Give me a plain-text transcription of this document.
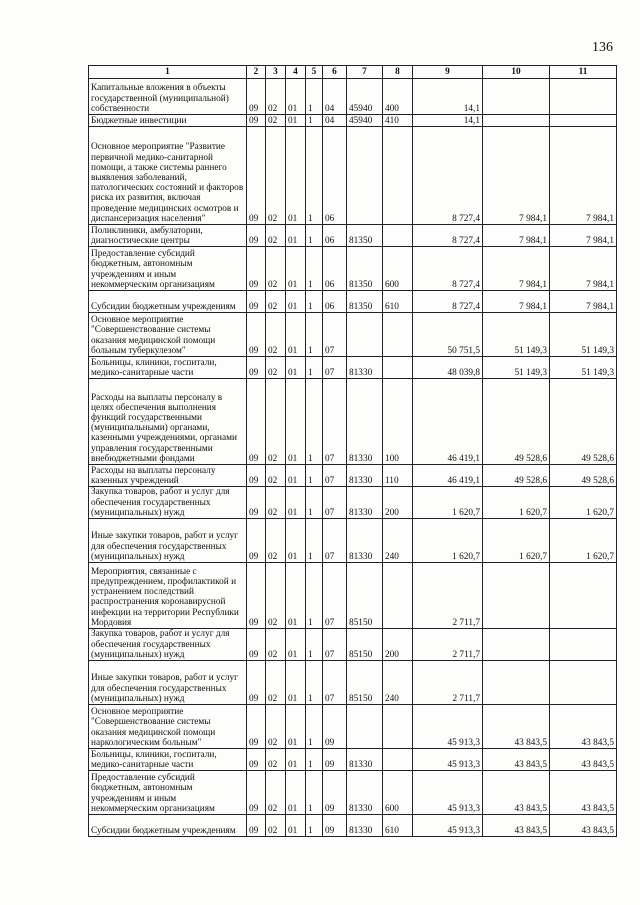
136
1	2	3	4	5	6	7	8	9	10	11
Капитальные вложения в объекты государственной (муниципальной) собственности	09	02	01	1	04	45940	400	14,1		
Бюджетные инвестиции	09	02	01	1	04	45940	410	14,1		
Основное мероприятие "Развитие первичной медико-санитарной помощи, а также системы раннего выявления заболеваний, патологических состояний и факторов риска их развития, включая проведение медицинских осмотров и диспансеризация населения"	09	02	01	1	06			8 727,4	7 984,1	7 984,1
Поликлиники, амбулатории, диагностические центры	09	02	01	1	06	81350		8 727,4	7 984,1	7 984,1
Предоставление субсидий бюджетным, автономным учреждениям и иным некоммерческим организациям	09	02	01	1	06	81350	600	8 727,4	7 984,1	7 984,1
Субсидии бюджетным учреждениям	09	02	01	1	06	81350	610	8 727,4	7 984,1	7 984,1
Основное мероприятие "Совершенствование системы оказания медицинской помощи больным туберкулезом"	09	02	01	1	07			50 751,5	51 149,3	51 149,3
Больницы, клиники, госпитали, медико-санитарные части	09	02	01	1	07	81330		48 039,8	51 149,3	51 149,3
Расходы на выплаты персоналу в целях обеспечения выполнения функций государственными (муниципальными) органами, казенными учреждениями, органами управления государственными внебюджетными фондами	09	02	01	1	07	81330	100	46 419,1	49 528,6	49 528,6
Расходы на выплаты персоналу казенных учреждений	09	02	01	1	07	81330	110	46 419,1	49 528,6	49 528,6
Закупка товаров, работ и услуг для обеспечения государственных (муниципальных) нужд	09	02	01	1	07	81330	200	1 620,7	1 620,7	1 620,7
Иные закупки товаров, работ и услуг для обеспечения государственных (муниципальных) нужд	09	02	01	1	07	81330	240	1 620,7	1 620,7	1 620,7
Мероприятия, связанные с предупреждением, профилактикой и устранением последствий распространения коронавирусной инфекции на территории Республики Мордовия	09	02	01	1	07	85150		2 711,7		
Закупка товаров, работ и услуг для обеспечения государственных (муниципальных) нужд	09	02	01	1	07	85150	200	2 711,7		
Иные закупки товаров, работ и услуг для обеспечения государственных (муниципальных) нужд	09	02	01	1	07	85150	240	2 711,7		
Основное мероприятие "Совершенствование системы оказания медицинской помощи наркологическим больным"	09	02	01	1	09			45 913,3	43 843,5	43 843,5
Больницы, клиники, госпитали, медико-санитарные части	09	02	01	1	09	81330		45 913,3	43 843,5	43 843,5
Предоставление субсидий бюджетным, автономным учреждениям и иным некоммерческим организациям	09	02	01	1	09	81330	600	45 913,3	43 843,5	43 843,5
Субсидии бюджетным учреждениям	09	02	01	1	09	81330	610	45 913,3	43 843,5	43 843,5
